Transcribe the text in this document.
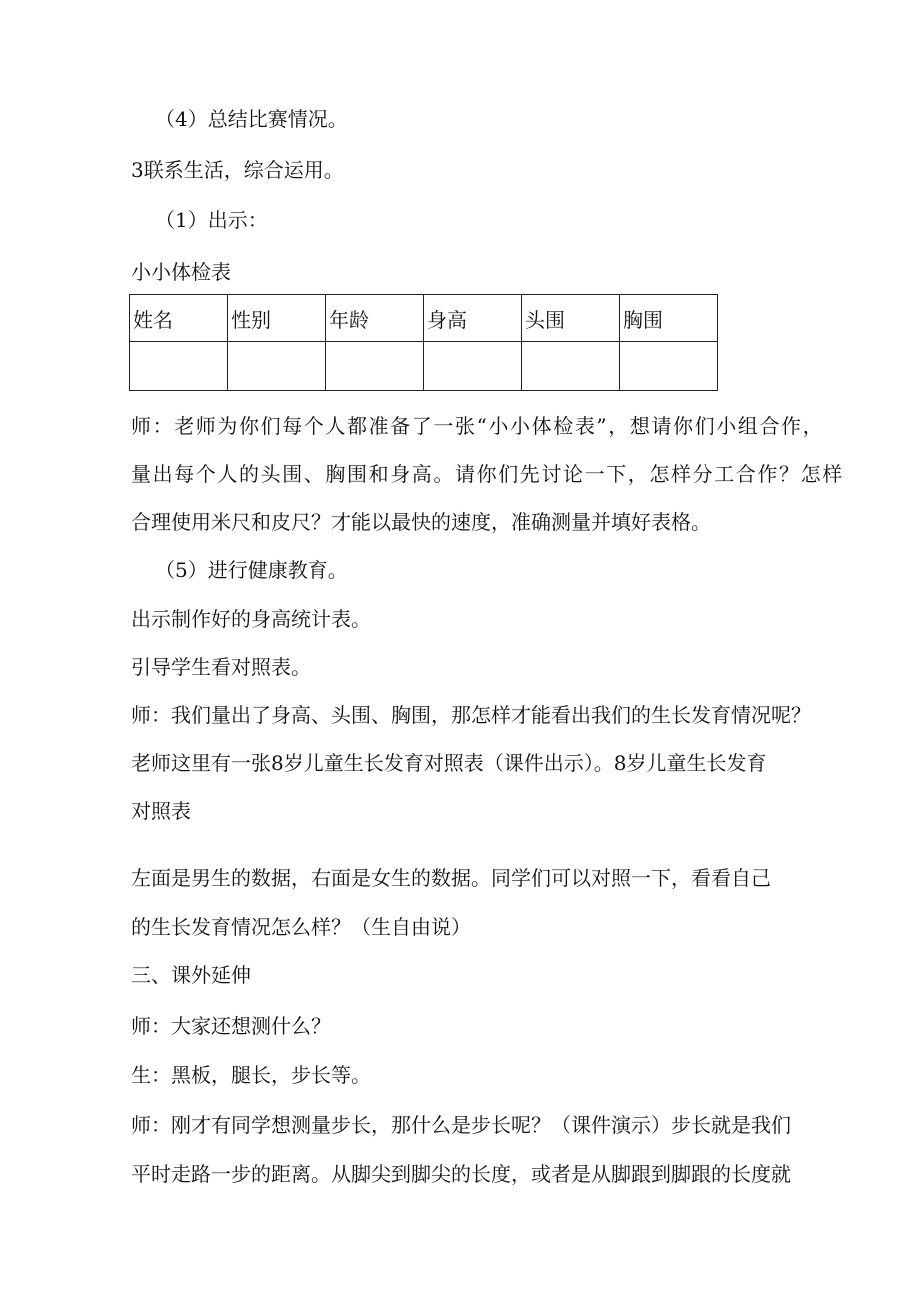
（4）总结比赛情况。
3联系生活，综合运用。
（1）出示：
小小体检表
姓名	性别	年龄	身高	头围	胸围

师：老师为你们每个人都准备了一张“小小体检表”，想请你们小组合作，
量出每个人的头围、胸围和身高。请你们先讨论一下，怎样分工合作？怎样
合理使用米尺和皮尺？才能以最快的速度，准确测量并填好表格。
（5）进行健康教育。
出示制作好的身高统计表。
引导学生看对照表。
师：我们量出了身高、头围、胸围，那怎样才能看出我们的生长发育情况呢？
老师这里有一张8岁儿童生长发育对照表（课件出示）。8岁儿童生长发育
对照表
左面是男生的数据，右面是女生的数据。同学们可以对照一下，看看自己
的生长发育情况怎么样？（生自由说）
三、课外延伸
师：大家还想测什么？
生：黑板，腿长，步长等。
师：刚才有同学想测量步长，那什么是步长呢？（课件演示）步长就是我们
平时走路一步的距离。从脚尖到脚尖的长度，或者是从脚跟到脚跟的长度就
